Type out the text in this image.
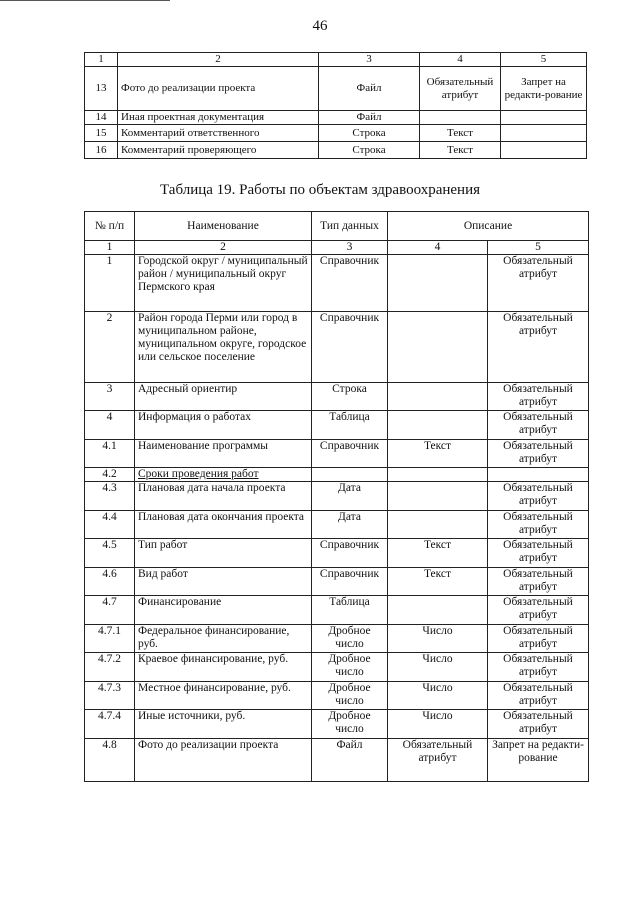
46
1	2	3	4	5
13	Фото до реализации проекта	Файл	Обязательный атрибут	Запрет на редакти-рование
14	Иная проектная документация	Файл		
15	Комментарий ответственного	Строка	Текст	
16	Комментарий проверяющего	Строка	Текст	
Таблица 19. Работы по объектам здравоохранения
№ п/п	Наименование	Тип данных	Описание	
1	2	3	4	5
1	Городской округ / муниципальный район / муниципальный округ Пермского края	Справочник		Обязательный атрибут
2	Район города Перми или город в муниципальном районе, муниципальном округе, городское или сельское поселение	Справочник		Обязательный атрибут
3	Адресный ориентир	Строка		Обязательный атрибут
4	Информация о работах	Таблица		Обязательный атрибут
4.1	Наименование программы	Справочник	Текст	Обязательный атрибут
4.2	Сроки проведения работ			
4.3	Плановая дата начала проекта	Дата		Обязательный атрибут
4.4	Плановая дата окончания проекта	Дата		Обязательный атрибут
4.5	Тип работ	Справочник	Текст	Обязательный атрибут
4.6	Вид работ	Справочник	Текст	Обязательный атрибут
4.7	Финансирование	Таблица		Обязательный атрибут
4.7.1	Федеральное финансирование, руб.	Дробное число	Число	Обязательный атрибут
4.7.2	Краевое финансирование, руб.	Дробное число	Число	Обязательный атрибут
4.7.3	Местное финансирование, руб.	Дробное число	Число	Обязательный атрибут
4.7.4	Иные источники, руб.	Дробное число	Число	Обязательный атрибут
4.8	Фото до реализации проекта	Файл	Обязательный атрибут	Запрет на редакти-рование
